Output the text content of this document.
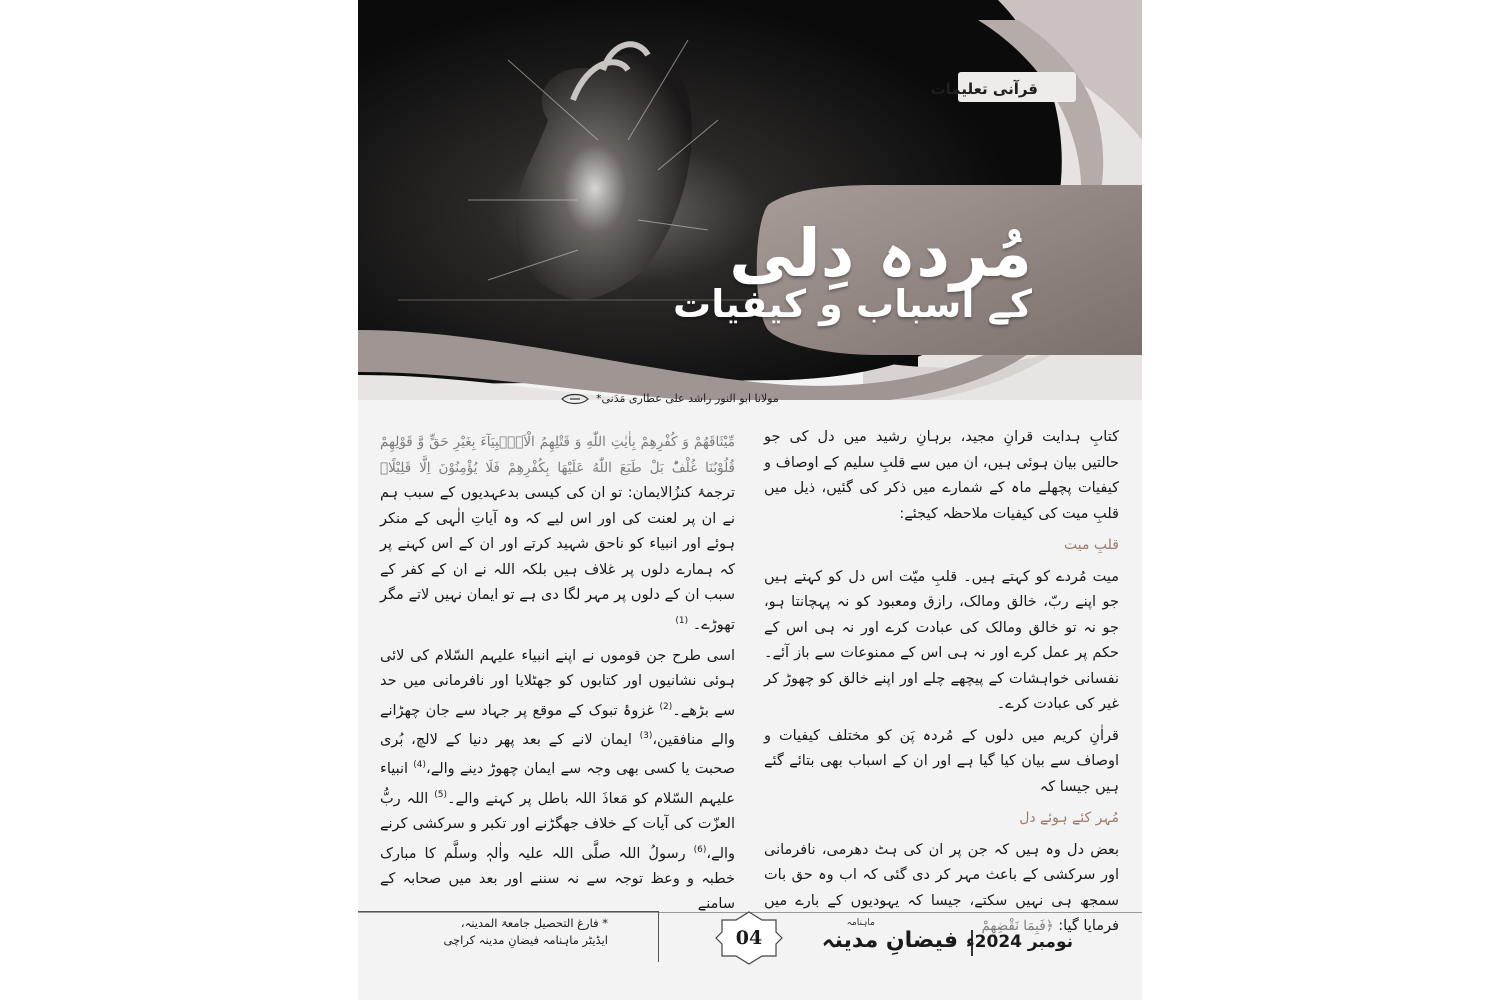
قرآنی تعلیمات
مُردہ دِلی
کے اسباب و کیفیات
مولانا ابو النور راشد علی عطاری مَدَنی*

کتابِ ہدایت قرانِ مجید، برہانِ رشید میں دل کی جو حالتیں بیان ہوئی ہیں، ان میں سے قلبِ سلیم کے اوصاف و کیفیات پچھلے ماہ کے شمارے میں ذکر کی گئیں، ذیل میں قلبِ میت کی کیفیات ملاحظہ کیجئے:

قلبِ میت

میت مُردے کو کہتے ہیں۔ قلبِ میّت اس دل کو کہتے ہیں جو اپنے ربّ، خالق ومالک، رازق ومعبود کو نہ پہچانتا ہو، جو نہ تو خالق ومالک کی عبادت کرے اور نہ ہی اس کے حکم پر عمل کرے اور نہ ہی اس کے ممنوعات سے باز آئے۔ نفسانی خواہشات کے پیچھے چلے اور اپنے خالق کو چھوڑ کر غیر کی عبادت کرے۔

قراٰنِ کریم میں دلوں کے مُردہ پَن کو مختلف کیفیات و اوصاف سے بیان کیا گیا ہے اور ان کے اسباب بھی بتائے گئے ہیں جیسا کہ

مُہر کئے ہوئے دل

بعض دل وہ ہیں کہ جن پر ان کی ہٹ دھرمی، نافرمانی اور سرکشی کے باعث مہر کر دی گئی کہ اب وہ حق بات سمجھ ہی نہیں سکتے، جیسا کہ یہودیوں کے بارے میں فرمایا گیا: ﴿فَبِمَا نَقْضِهِمْ

مِّیْثَاقَهُمْ وَ كُفْرِهِمْ بِاٰیٰتِ اللّٰهِ وَ قَتْلِهِمُ الْاَنْۢبِیَآءَ بِغَیْرِ حَقٍّ وَّ قَوْلِهِمْ قُلُوْبُنَا غُلْفٌؕ بَلْ طَبَعَ اللّٰهُ عَلَیْهَا بِكُفْرِهِمْ فَلَا یُؤْمِنُوْنَ اِلَّا قَلِیْلًا﴾ ترجمۂ کنزُالایمان: تو ان کی کیسی بدعہدیوں کے سبب ہم نے ان پر لعنت کی اور اس لیے کہ وہ آیاتِ الٰہی کے منکر ہوئے اور انبیاء کو ناحق شہید کرتے اور ان کے اس کہنے پر کہ ہمارے دلوں پر غلاف ہیں بلکہ اللہ نے ان کے کفر کے سبب ان کے دلوں پر مہر لگا دی ہے تو ایمان نہیں لاتے مگر تھوڑے۔ $^{(1)}$

اسی طرح جن قوموں نے اپنے انبیاء علیہم السّلام کی لائی ہوئی نشانیوں اور کتابوں کو جھٹلایا اور نافرمانی میں حد سے بڑھے۔$^{(2)}$ غزوۂ تبوک کے موقع پر جہاد سے جان چھڑانے والے منافقین،$^{(3)}$ ایمان لانے کے بعد پھر دنیا کے لالچ، بُری صحبت یا کسی بھی وجہ سے ایمان چھوڑ دینے والے،$^{(4)}$ انبیاء علیہم السّلام کو مَعاذَ اللہ باطل پر کہنے والے۔$^{(5)}$ اللہ ربُّ العزّت کی آیات کے خلاف جھگڑنے اور تکبر و سرکشی کرنے والے،$^{(6)}$ رسولُ اللہ صلَّی اللہ علیہ واٰلہٖ وسلَّم کا مبارک خطبہ و وعظ توجہ سے نہ سننے اور بعد میں صحابہ کے سامنے

* فارغ التحصیل جامعۃ المدینہ،
ایڈیٹر ماہنامہ فیضانِ مدینہ کراچی	04
ماہنامہ
فیضانِ مدینہ نومبر 2024ء
